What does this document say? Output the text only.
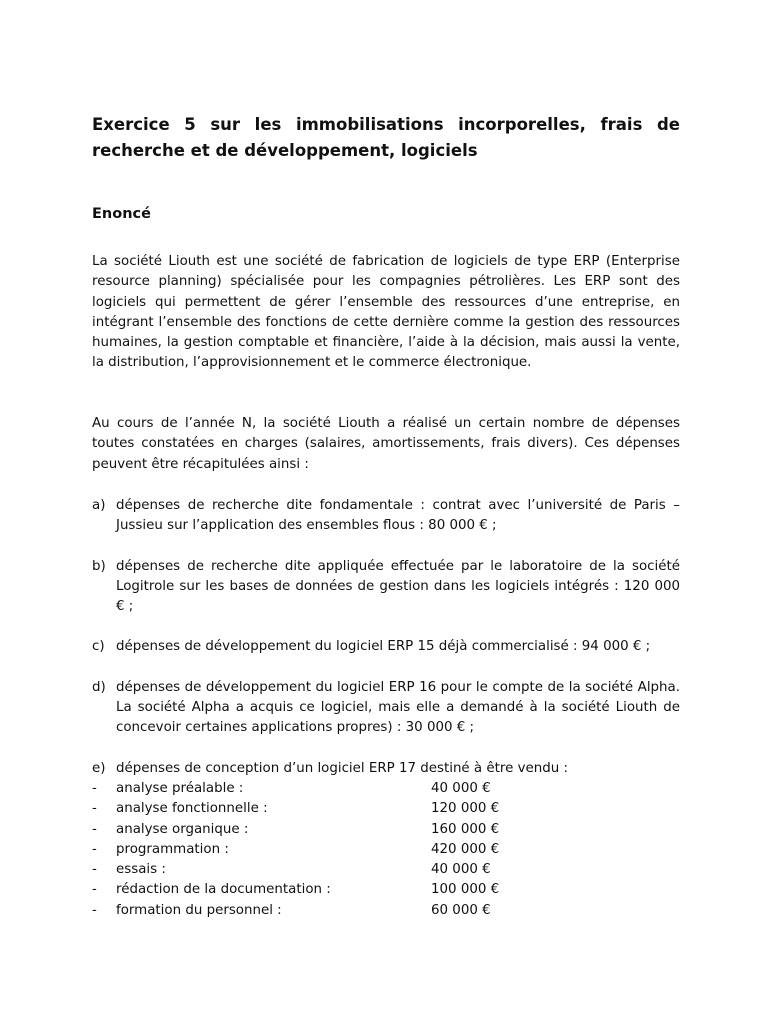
Exercice 5 sur les immobilisations incorporelles, frais de recherche et de développement, logiciels
Enoncé
La société Liouth est une société de fabrication de logiciels de type ERP (Enterprise resource planning) spécialisée pour les compagnies pétrolières. Les ERP sont des logiciels qui permettent de gérer l’ensemble des ressources d’une entreprise, en intégrant l’ensemble des fonctions de cette dernière comme la gestion des ressources humaines, la gestion comptable et financière, l’aide à la décision, mais aussi la vente, la distribution, l’approvisionnement et le commerce électronique.
Au cours de l’année N, la société Liouth a réalisé un certain nombre de dépenses toutes constatées en charges (salaires, amortissements, frais divers). Ces dépenses peuvent être récapitulées ainsi :
a) dépenses de recherche dite fondamentale : contrat avec l’université de Paris – Jussieu sur l’application des ensembles flous : 80 000 € ;
b) dépenses de recherche dite appliquée effectuée par le laboratoire de la société Logitrole sur les bases de données de gestion dans les logiciels intégrés : 120 000 € ;
c) dépenses de développement du logiciel ERP 15 déjà commercialisé : 94 000 € ;
d) dépenses de développement du logiciel ERP 16 pour le compte de la société Alpha. La société Alpha a acquis ce logiciel, mais elle a demandé à la société Liouth de concevoir certaines applications propres) : 30 000 € ;
e) dépenses de conception d’un logiciel ERP 17 destiné à être vendu :
- analyse préalable :	40 000 €
- analyse fonctionnelle :	120 000 €
- analyse organique :	160 000 €
- programmation :	420 000 €
- essais :	40 000 €
- rédaction de la documentation :	100 000 €
- formation du personnel :	60 000 €
